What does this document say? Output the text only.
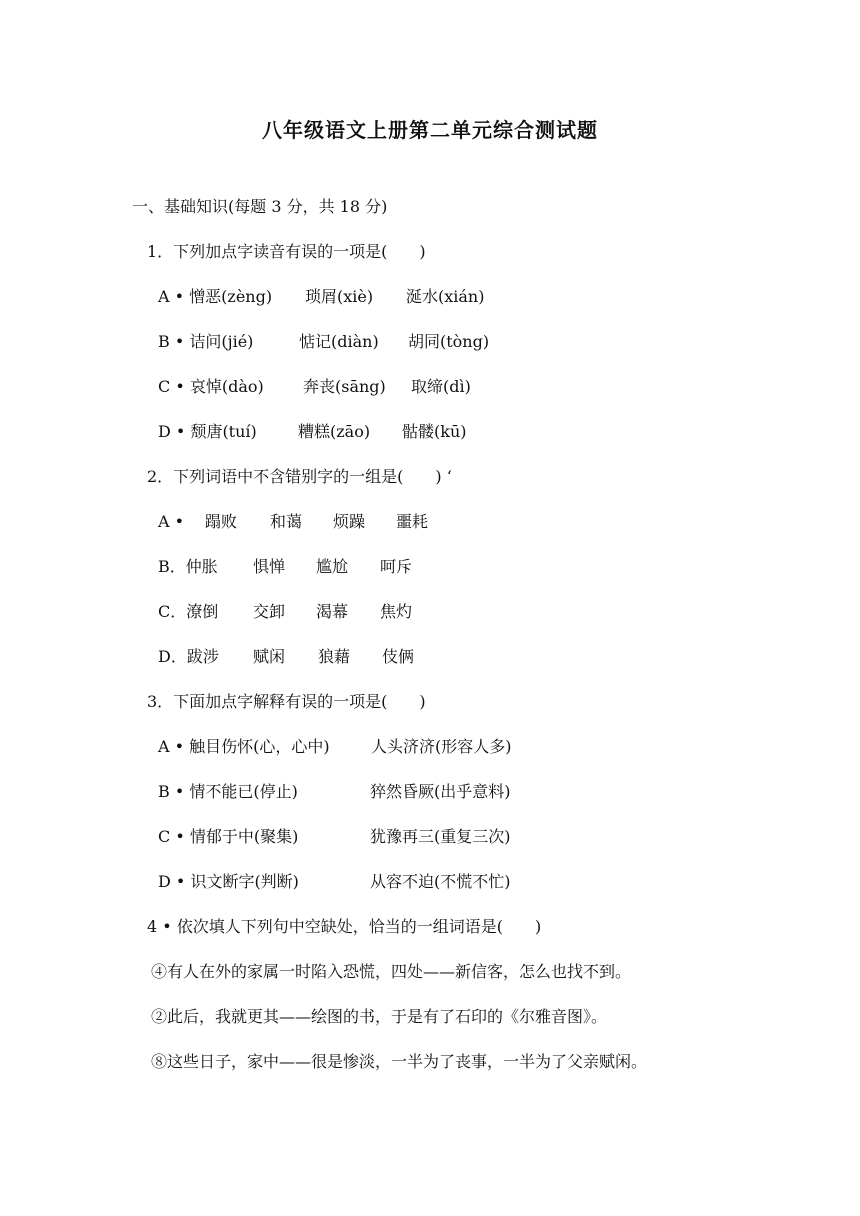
八年级语文上册第二单元综合测试题
一、基础知识(每题 3 分，共 18 分)
1．下列加点字读音有误的一项是(　　)
A • 憎恶(zèng) 琐屑(xiè) 涎水(xián)
B • 诘问(jié)	惦记(diàn) 胡同(tòng)
C • 哀悼(dào) 奔丧(sāng) 取缔(dì)
D • 颓唐(tuí)	糟糕(zāo) 骷髅(kū)
2．下列词语中不含错别字的一组是(　　) ‘
A • 蹋败 和蔼 烦躁 噩耗
B．仲胀 惧惮 尴尬 呵斥
C．潦倒 交卸 渴幕 焦灼
D．跋涉 赋闲 狼藉 伎俩
3．下面加点字解释有误的一项是(　　)
A • 触目伤怀(心，心中)	人头济济(形容人多)
B • 情不能已(停止)	猝然昏厥(出乎意料)
C • 情郁于中(聚集)	犹豫再三(重复三次)
D • 识文断字(判断)	从容不迫(不慌不忙)
4 • 依次填人下列句中空缺处，恰当的一组词语是(　　)
④有人在外的家属一时陷入恐慌，四处——新信客，怎么也找不到。
②此后，我就更其——绘图的书，于是有了石印的《尔雅音图》。
⑧这些日子，家中——很是惨淡，一半为了丧事，一半为了父亲赋闲。
